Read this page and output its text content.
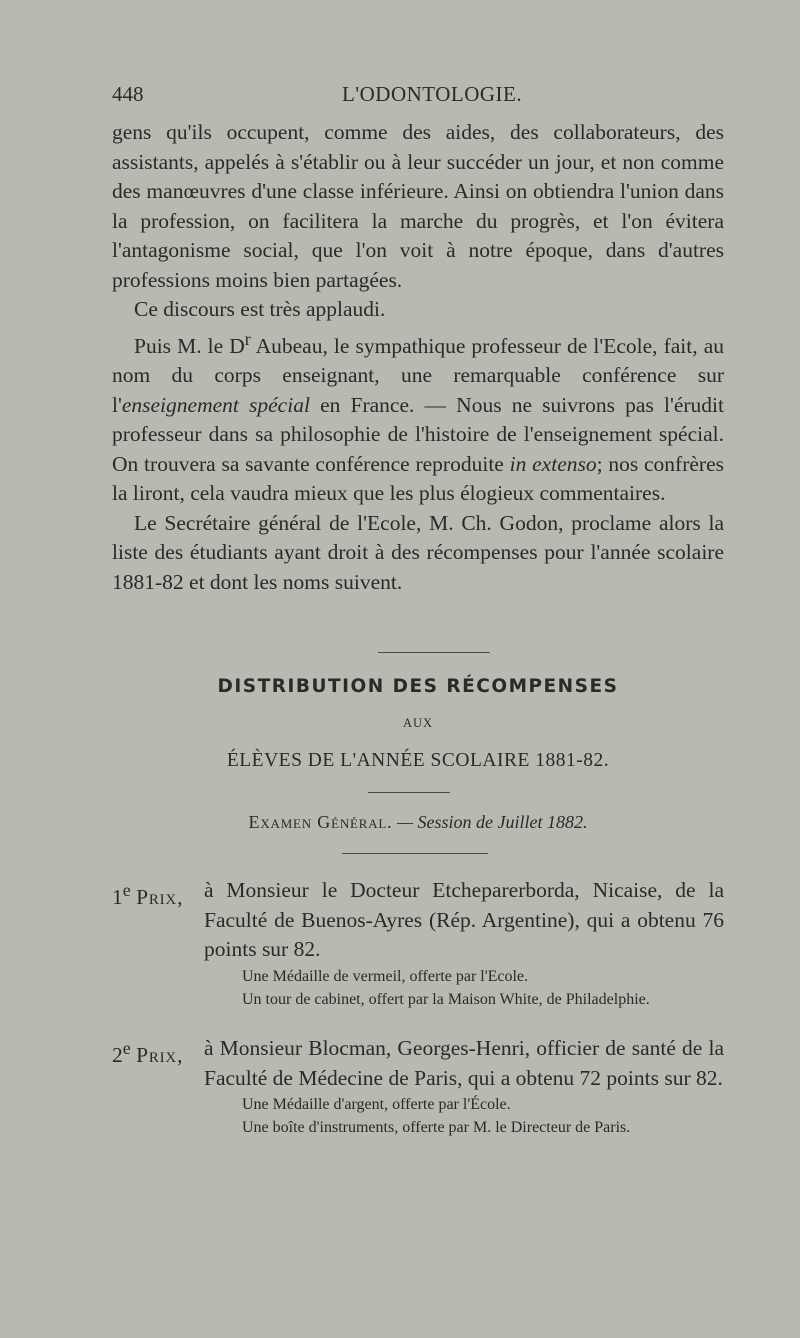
448	L'ODONTOLOGIE.

gens qu'ils occupent, comme des aides, des collaborateurs, des assistants, appelés à s'établir ou à leur succéder un jour, et non comme des manœuvres d'une classe inférieure. Ainsi on obtiendra l'union dans la profession, on facilitera la marche du progrès, et l'on évitera l'antagonisme social, que l'on voit à notre époque, dans d'autres professions moins bien partagées.

Ce discours est très applaudi.

Puis M. le $D^r$ Aubeau, le sympathique professeur de l'Ecole, fait, au nom du corps enseignant, une remarquable conférence sur l'enseignement spécial en France. — Nous ne suivrons pas l'érudit professeur dans sa philosophie de l'histoire de l'enseignement spécial. On trouvera sa savante conférence reproduite in extenso; nos confrères la liront, cela vaudra mieux que les plus élogieux commentaires.

Le Secrétaire général de l'Ecole, M. Ch. Godon, proclame alors la liste des étudiants ayant droit à des récompenses pour l'année scolaire 1881-82 et dont les noms suivent.

DISTRIBUTION DES RÉCOMPENSES
AUX
ÉLÈVES DE L'ANNÉE SCOLAIRE 1881-82.
Examen Général. — Session de Juillet 1882.
1e Prix, à Monsieur le Docteur Etcheparerborda, Nicaise, de la Faculté de Buenos-Ayres (Rép. Argentine), qui a obtenu 76 points sur 82.
Une Médaille de vermeil, offerte par l'Ecole.
Un tour de cabinet, offert par la Maison White, de Philadelphie.
2e Prix, à Monsieur Blocman, Georges-Henri, officier de santé de la Faculté de Médecine de Paris, qui a obtenu 72 points sur 82.
Une Médaille d'argent, offerte par l'École.
Une boîte d'instruments, offerte par M. le Directeur de Paris.
